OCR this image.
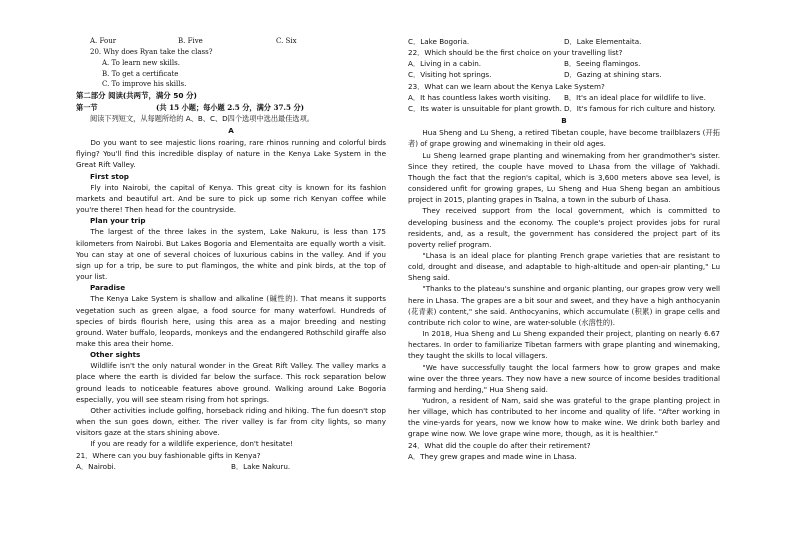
A. Four	B. Five	C. Six

20. Why does Ryan take the class?

A. To learn new skills.

B. To get a certificate

C. To improve his skills.

第二部分 阅读(共两节，满分 50 分)

第一节	(共 15 小题；每小题 2.5 分，满分 37.5 分)

阅读下列短文，从每题所给的 A、B、C、D四个选项中选出最佳选项。

A

Do you want to see majestic lions roaring, rare rhinos running and colorful birds flying? You'll find this incredible display of nature in the Kenya Lake System in the Great Rift Valley.

First stop

Fly into Nairobi, the capital of Kenya. This great city is known for its fashion markets and beautiful art. And be sure to pick up some rich Kenyan coffee while you're there! Then head for the countryside.

Plan your trip

The largest of the three lakes in the system, Lake Nakuru, is less than 175 kilometers from Nairobi. But Lakes Bogoria and Elementaita are equally worth a visit. You can stay at one of several choices of luxurious cabins in the valley. And if you sign up for a trip, be sure to put flamingos, the white and pink birds, at the top of your list.

Paradise

The Kenya Lake System is shallow and alkaline (碱性的). That means it supports vegetation such as green algae, a food source for many waterfowl. Hundreds of species of birds flourish here, using this area as a major breeding and nesting ground. Water buffalo, leopards, monkeys and the endangered Rothschild giraffe also make this area their home.

Other sights

Wildlife isn't the only natural wonder in the Great Rift Valley. The valley marks a place where the earth is divided far below the surface. This rock separation below ground leads to noticeable features above ground. Walking around Lake Bogoria especially, you will see steam rising from hot springs.

Other activities include golfing, horseback riding and hiking. The fun doesn't stop when the sun goes down, either. The river valley is far from city lights, so many visitors gaze at the stars shining above.

If you are ready for a wildlife experience, don't hesitate!

21．Where can you buy fashionable gifts in Kenya?

A．Nairobi.	B．Lake Nakuru.
C．Lake Bogoria.	D．Lake Elementaita.

22．Which should be the first choice on your travelling list?

A．Living in a cabin.	B．Seeing flamingos.
C．Visiting hot springs.	D．Gazing at shining stars.

23．What can we learn about the Kenya Lake System?

A．It has countless lakes worth visiting.	B．It's an ideal place for wildlife to live.
C．Its water is unsuitable for plant growth. D．It's famous for rich culture and history.

B

Hua Sheng and Lu Sheng, a retired Tibetan couple, have become trailblazers (开拓者) of grape growing and winemaking in their old ages.

Lu Sheng learned grape planting and winemaking from her grandmother's sister. Since they retired, the couple have moved to Lhasa from the village of Yakhadi. Though the fact that the region's capital, which is 3,600 meters above sea level, is considered unfit for growing grapes, Lu Sheng and Hua Sheng began an ambitious project in 2015, planting grapes in Tsalna, a town in the suburb of Lhasa.

They received support from the local government, which is committed to developing business and the economy. The couple's project provides jobs for rural residents, and, as a result, the government has considered the project part of its poverty relief program.

"Lhasa is an ideal place for planting French grape varieties that are resistant to cold, drought and disease, and adaptable to high-altitude and open-air planting," Lu Sheng said.

"Thanks to the plateau's sunshine and organic planting, our grapes grow very well here in Lhasa. The grapes are a bit sour and sweet, and they have a high anthocyanin (花青素) content," she said. Anthocyanins, which accumulate (积累) in grape cells and contribute rich color to wine, are water-soluble (水溶性的).

In 2018, Hua Sheng and Lu Sheng expanded their project, planting on nearly 6.67 hectares. In order to familiarize Tibetan farmers with grape planting and winemaking, they taught the skills to local villagers.

"We have successfully taught the local farmers how to grow grapes and make wine over the three years. They now have a new source of income besides traditional farming and herding," Hua Sheng said.

Yudron, a resident of Nam, said she was grateful to the grape planting project in her village, which has contributed to her income and quality of life. "After working in the vine-yards for years, now we know how to make wine. We drink both barley and grape wine now. We love grape wine more, though, as it is healthier."

24．What did the couple do after their retirement?

A．They grew grapes and made wine in Lhasa.
